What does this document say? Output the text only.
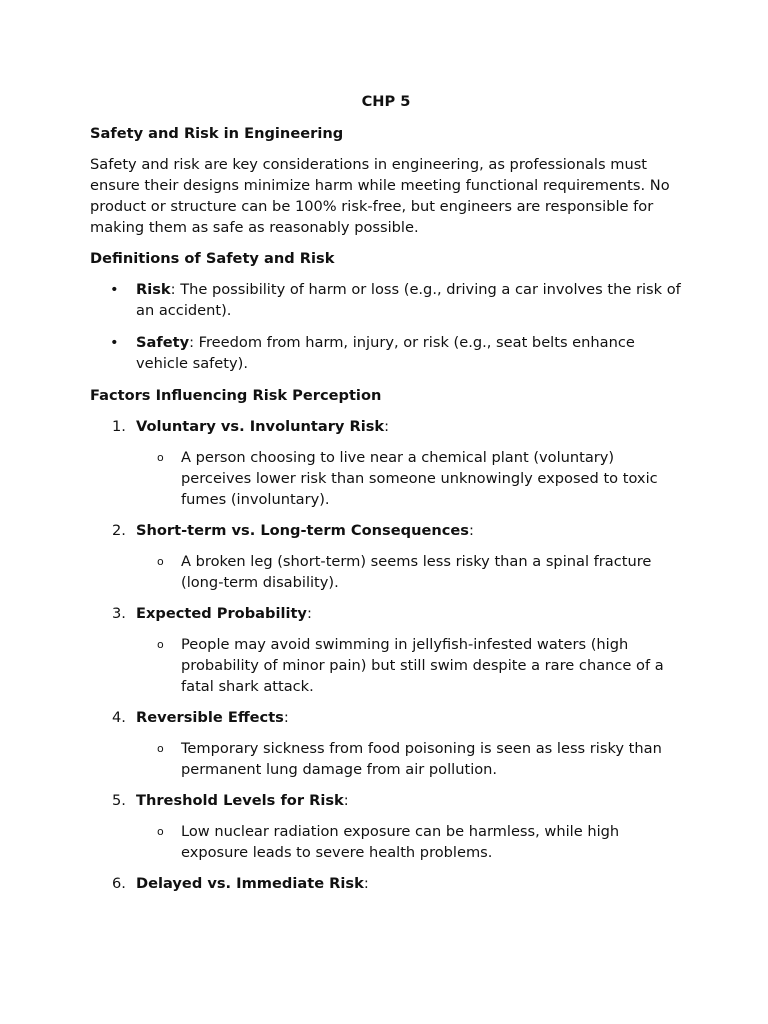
CHP 5
Safety and Risk in Engineering

Safety and risk are key considerations in engineering, as professionals must ensure their designs minimize harm while meeting functional requirements. No product or structure can be 100% risk-free, but engineers are responsible for making them as safe as reasonably possible.

Definitions of Safety and Risk
• Risk: The possibility of harm or loss (e.g., driving a car involves the risk of an accident).
• Safety: Freedom from harm, injury, or risk (e.g., seat belts enhance vehicle safety).
Factors Influencing Risk Perception
1. Voluntary vs. Involuntary Risk:
o A person choosing to live near a chemical plant (voluntary) perceives lower risk than someone unknowingly exposed to toxic fumes (involuntary).
2. Short-term vs. Long-term Consequences:
o A broken leg (short-term) seems less risky than a spinal fracture (long-term disability).
3. Expected Probability:
o People may avoid swimming in jellyfish-infested waters (high probability of minor pain) but still swim despite a rare chance of a fatal shark attack.
4. Reversible Effects:
o Temporary sickness from food poisoning is seen as less risky than permanent lung damage from air pollution.
5. Threshold Levels for Risk:
o Low nuclear radiation exposure can be harmless, while high exposure leads to severe health problems.
6. Delayed vs. Immediate Risk:
